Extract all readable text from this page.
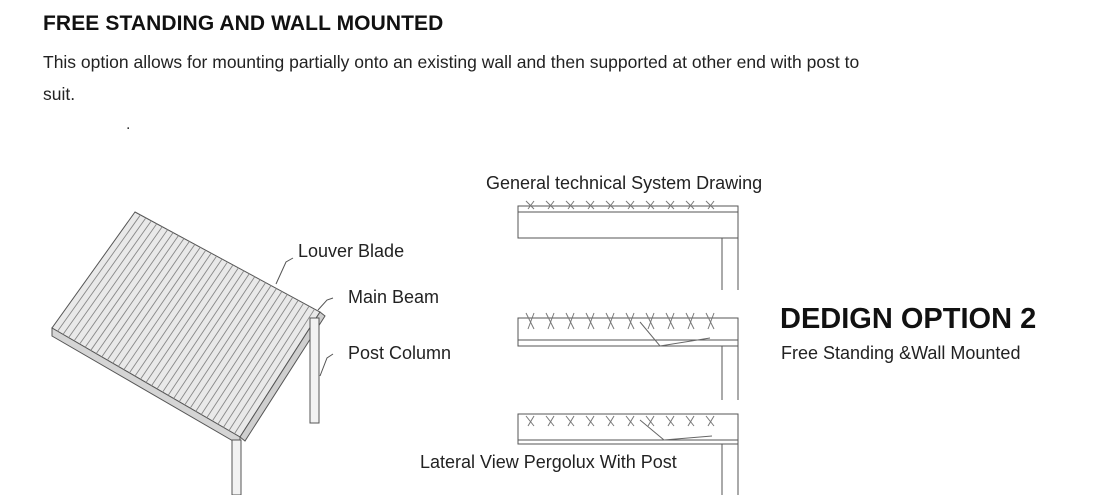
FREE STANDING AND WALL MOUNTED
This option allows for mounting partially onto an existing wall and then supported at other end with post to suit.
.
General technical System Drawing
Louver Blade
Main Beam
Post Column
Lateral View Pergolux With Post
DEDIGN OPTION 2
Free Standing &Wall Mounted
